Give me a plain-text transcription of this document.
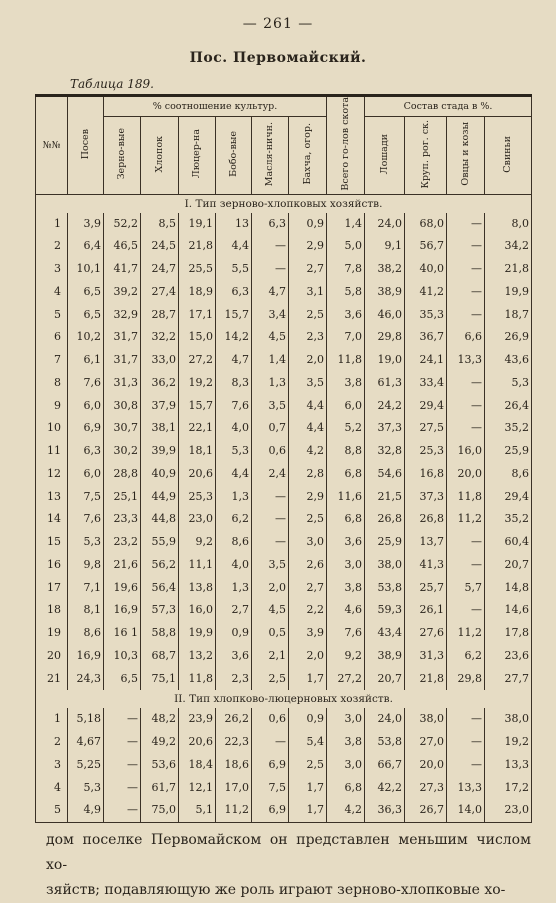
— 261 —
Пос. Первомайский.
Таблица 189.
№№	Посев	% соотношение культур.						Всего го-лов скота	Состав стада в %.			
		Зерно-вые	Хлопок	Люцер-на	Бобо-вые	Масля-ничн.	Бахча, огор.		Лошади	Круп. рог. ск.	Овцы и козы	Свиньи
I. Тип зерново-хлопковых хозяйств.												
1	3,9	52,2	8,5	19,1	13	6,3	0,9	1,4	24,0	68,0	—	8,0
2	6,4	46,5	24,5	21,8	4,4	—	2,9	5,0	9,1	56,7	—	34,2
3	10,1	41,7	24,7	25,5	5,5	—	2,7	7,8	38,2	40,0	—	21,8
4	6,5	39,2	27,4	18,9	6,3	4,7	3,1	5,8	38,9	41,2	—	19,9
5	6,5	32,9	28,7	17,1	15,7	3,4	2,5	3,6	46,0	35,3	—	18,7
6	10,2	31,7	32,2	15,0	14,2	4,5	2,3	7,0	29,8	36,7	6,6	26,9
7	6,1	31,7	33,0	27,2	4,7	1,4	2,0	11,8	19,0	24,1	13,3	43,6
8	7,6	31,3	36,2	19,2	8,3	1,3	3,5	3,8	61,3	33,4	—	5,3
9	6,0	30,8	37,9	15,7	7,6	3,5	4,4	6,0	24,2	29,4	—	26,4
10	6,9	30,7	38,1	22,1	4,0	0,7	4,4	5,2	37,3	27,5	—	35,2
11	6,3	30,2	39,9	18,1	5,3	0,6	4,2	8,8	32,8	25,3	16,0	25,9
12	6,0	28,8	40,9	20,6	4,4	2,4	2,8	6,8	54,6	16,8	20,0	8,6
13	7,5	25,1	44,9	25,3	1,3	—	2,9	11,6	21,5	37,3	11,8	29,4
14	7,6	23,3	44,8	23,0	6,2	—	2,5	6,8	26,8	26,8	11,2	35,2
15	5,3	23,2	55,9	9,2	8,6	—	3,0	3,6	25,9	13,7	—	60,4
16	9,8	21,6	56,2	11,1	4,0	3,5	2,6	3,0	38,0	41,3	—	20,7
17	7,1	19,6	56,4	13,8	1,3	2,0	2,7	3,8	53,8	25,7	5,7	14,8
18	8,1	16,9	57,3	16,0	2,7	4,5	2,2	4,6	59,3	26,1	—	14,6
19	8,6	16 1	58,8	19,9	0,9	0,5	3,9	7,6	43,4	27,6	11,2	17,8
20	16,9	10,3	68,7	13,2	3,6	2,1	2,0	9,2	38,9	31,3	6,2	23,6
21	24,3	6,5	75,1	11,8	2,3	2,5	1,7	27,2	20,7	21,8	29,8	27,7
II. Тип хлопково-люцерновых хозяйств.												
1	5,18	—	48,2	23,9	26,2	0,6	0,9	3,0	24,0	38,0	—	38,0
2	4,67	—	49,2	20,6	22,3	—	5,4	3,8	53,8	27,0	—	19,2
3	5,25	—	53,6	18,4	18,6	6,9	2,5	3,0	66,7	20,0	—	13,3
4	5,3	—	61,7	12,1	17,0	7,5	1,7	6,8	42,2	27,3	13,3	17,2
5	4,9	—	75,0	5,1	11,2	6,9	1,7	4,2	36,3	26,7	14,0	23,0
дом поселке Первомайском он представлен меньшим числом хо-
зяйств; подавляющую же роль играют зерново-хлопковые хо-
